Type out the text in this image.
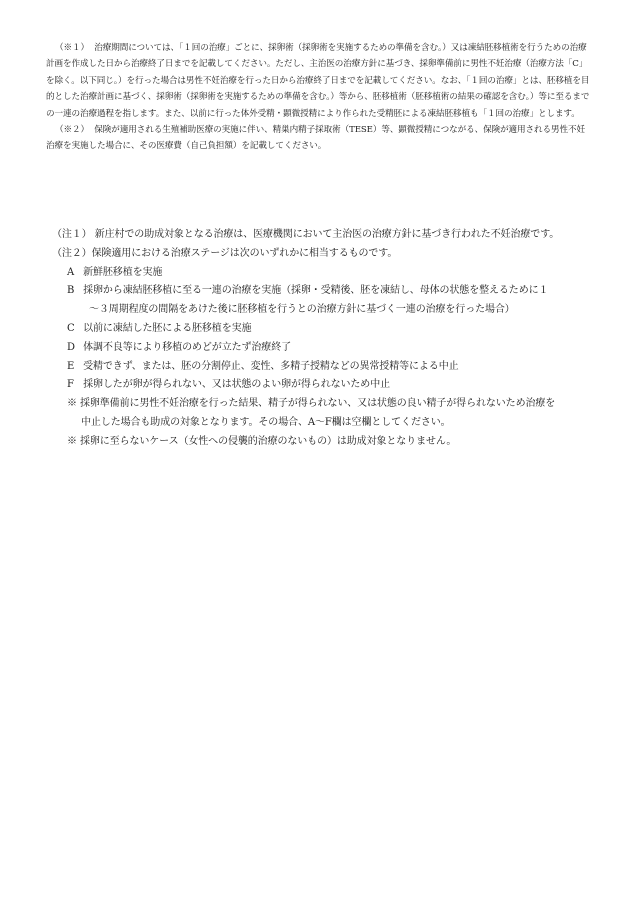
（※１） 治療期間については、「１回の治療」ごとに、採卵術（採卵術を実施するための準備を含む。）又は凍結胚移植術を行うための治療計画を作成した日から治療終了日までを記載してください。ただし、主治医の治療方針に基づき、採卵準備前に男性不妊治療（治療方法「C」を除く。以下同じ。）を行った場合は男性不妊治療を行った日から治療終了日までを記載してください。なお、「１回の治療」とは、胚移植を目的とした治療計画に基づく、採卵術（採卵術を実施するための準備を含む。）等から、胚移植術（胚移植術の結果の確認を含む。）等に至るまでの一連の治療過程を指します。また、以前に行った体外受精・顕微授精により作られた受精胚による凍結胚移植も「１回の治療」とします。

（※２） 保険が適用される生殖補助医療の実施に伴い、精巣内精子採取術（TESE）等、顕微授精につながる、保険が適用される男性不妊治療を実施した場合に、その医療費（自己負担額）を記載してください。

（注１） 新庄村での助成対象となる治療は、医療機関において主治医の治療方針に基づき行われた不妊治療です。

（注２）保険適用における治療ステージは次のいずれかに相当するものです。

A 新鮮胚移植を実施

B 採卵から凍結胚移植に至る一連の治療を実施（採卵・受精後、胚を凍結し、母体の状態を整えるために１

～３周期程度の間隔をあけた後に胚移植を行うとの治療方針に基づく一連の治療を行った場合）

C 以前に凍結した胚による胚移植を実施

D 体調不良等により移植のめどが立たず治療終了

E 受精できず、または、胚の分割停止、変性、多精子授精などの異常授精等による中止

F 採卵したが卵が得られない、又は状態のよい卵が得られないため中止

※ 採卵準備前に男性不妊治療を行った結果、精子が得られない、又は状態の良い精子が得られないため治療を

中止した場合も助成の対象となります。その場合、A～F欄は空欄としてください。

※ 採卵に至らないケース（女性への侵襲的治療のないもの）は助成対象となりません。
